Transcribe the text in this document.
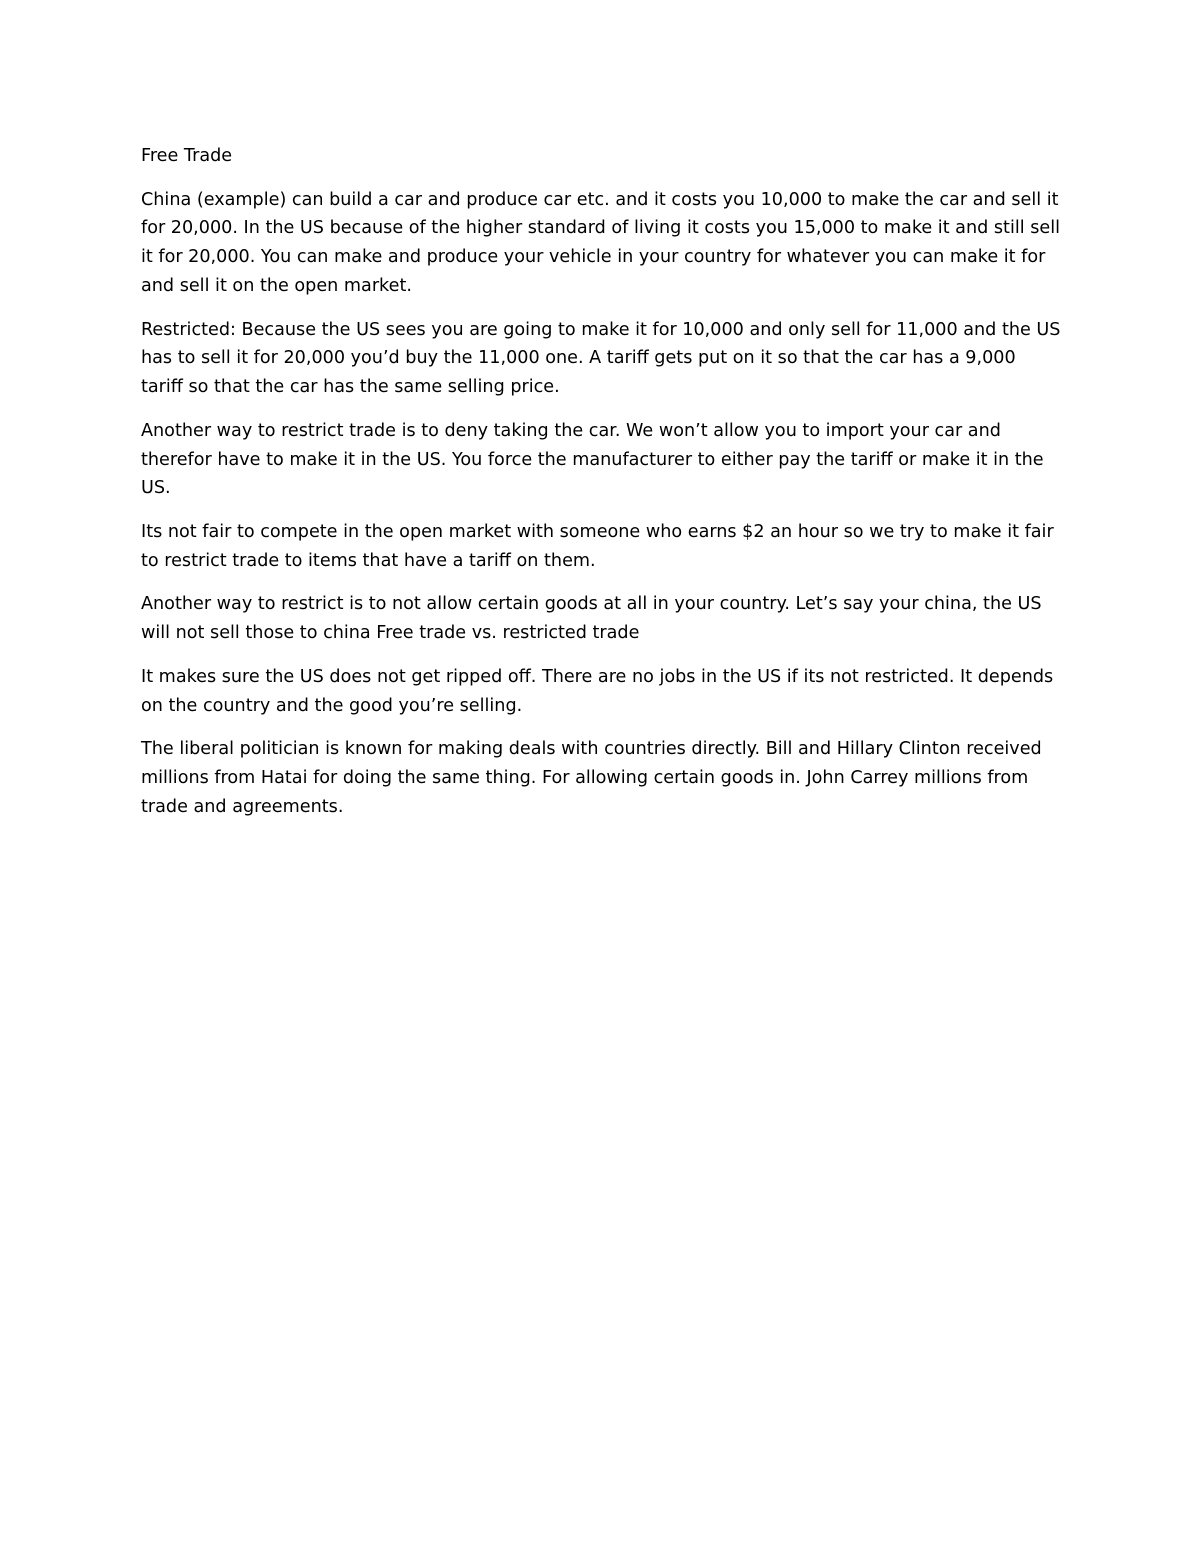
Free Trade

China (example) can build a car and produce car etc. and it costs you 10,000 to make the car and sell it for 20,000. In the US because of the higher standard of living it costs you 15,000 to make it and still sell it for 20,000. You can make and produce your vehicle in your country for whatever you can make it for and sell it on the open market.

Restricted: Because the US sees you are going to make it for 10,000 and only sell for 11,000 and the US has to sell it for 20,000 you’d buy the 11,000 one. A tariff gets put on it so that the car has a 9,000 tariff so that the car has the same selling price.

Another way to restrict trade is to deny taking the car. We won’t allow you to import your car and therefor have to make it in the US. You force the manufacturer to either pay the tariff or make it in the US.

Its not fair to compete in the open market with someone who earns $2 an hour so we try to make it fair to restrict trade to items that have a tariff on them.

Another way to restrict is to not allow certain goods at all in your country. Let’s say your china, the US will not sell those to china Free trade vs. restricted trade

It makes sure the US does not get ripped off. There are no jobs in the US if its not restricted. It depends on the country and the good you’re selling.

The liberal politician is known for making deals with countries directly. Bill and Hillary Clinton received millions from Hatai for doing the same thing. For allowing certain goods in. John Carrey millions from trade and agreements.
